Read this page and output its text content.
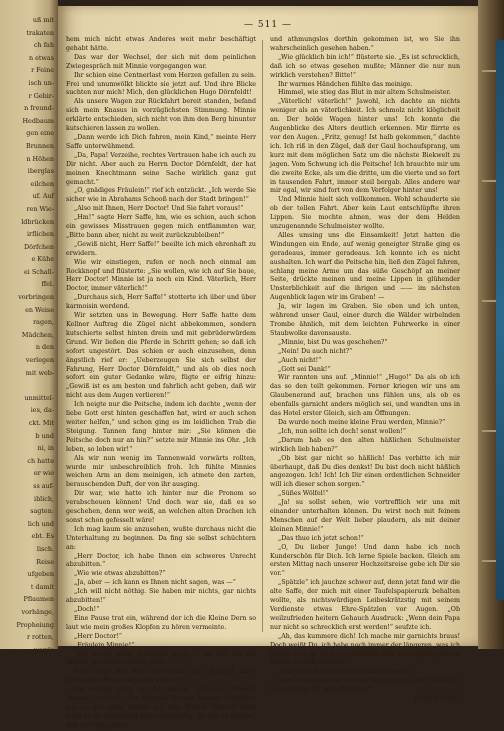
uß mit
trakaten
ch fah
n etwas
r Feine
isch un-
r Gebir-
n freund-
Hedbaum
gen eine
Brunnen
n Höhen
iberglas
eilchen
uf. Auf
ren Wie-
ldbrücken
irflichen
Dörfchen
e Kühe
ei Schall-
ffel.
vorbringen
en Weise
ragen,
Mädchen,
n den
verlegen
mit web-
unmittel-
ies, da-
ckt. Mit
b und
ni, in
ch hatte
er wie
ss auf-
iblich,
sagten:
lich und
ebt. Es
lisch.
Reise
ufgeben
t damit
Pflaumen
vorhänge,
Propheiung
r rotten,
werde
— 511 —

hem mich nicht etwas Anderes weit mehr beschäftigt gehabt hätte.

Das war der Wechsel, der sich mit dem peinlichen Zwiegespräch mit Minnie vorgegangen war.

Ihr schien eine Centnerlast vom Herzen gefallen zu sein. Frei und unumwölkt blickte sie jetzt auf. Und ihre Blicke suchten nur mich! Mich, den glücklichen Hugo Dörnfeldt!

Als unsere Wagen zur Rückfahrt bereit standen, befand sich mein Knasus in vorzüglichsten Stimmung. Minnie erklärte entschieden, sich nicht von ihm den Berg hinunter kutschieren lassen zu wollen.

„Dann werde ich Dich fahren, mein Kind,“ meinte Herr Saffe unterwühmend.

„Da, Papa! Verzeihe, rechtes Vertrauen habe ich auch zu Dir nicht. Aber auch zu Herrn Doctor Dörnfeldt, der hat meinen Knechtmann seine Sache wirklich ganz gut gemacht.“

„O, gnädiges Fräulein!“ rief ich entzückt. „Ich werde Sie sicher wie in Abrahams Schooß nach der Stadt bringen!“

„Also mit Ihnen, Herr Doctor! Und Sie fahrt voraus!“

„Hm!“ sagte Herr Saffe, hm, wie es schien, auch schon ein gewisses Misstrauen gegen mich entflammten war, „Bitte bann aber, nicht zu weit zurückzubleiben!“

„Gewiß nicht, Herr Saffe!“ beeilte ich mich ehrenhaft zu erwidern.

Wie wir einstiegen, rufen er noch noch einmal am Rockknopf und flüsterte: „Sie wollen, wie ich auf Sie baue, Herr Doctor! Minnie ist ja noch ein Kind. Väterlich, Herr Doctor, immer väterlich!“

„Durchaus sich, Herr Saffe!“ stotterte ich über und über karmoisin werdend.

Wir setzten uns in Bewegung. Herr Saffe hatte dem Kellner Auftrag die Zügel nicht abbekommen, sondern kutschierte selbst hinten drein und mit gebrüderwürdem Grund. Wir ließen die Pferde in Schritt gehen; so daß ich sofort ungestört. Das schien er auch einzusehen, denn ängstlich rief er: „Ueberzeugen Sie sich selbst der Fahrung, Herr Doctor Dörnfeldt,“ und als ob dies noch sofort ein guter Gedanke wäre, fügte er eifrig hinzu: „Gewiß ist es am besten und fahrlich acht geben, daß wir nicht aus dem Augen verlieren!“

Ich neigte nur die Peitsche, indem ich dachte „wenn der liebe Gott erst hinten geschaffen hat, wird er auch schon weiter helfen,“ und schon ging es im leidlichen Trab die Steigung. Tannen fang hinter mir: „Sie können die Peitsche doch nur an hin?“ setzte mir Minnie ins Ohr. „Ich leben, so leben wir!“

Als wir nun wenig im Tannenwald vorwärts rollten, wurde mir unbeschreiblich froh. Ich fühlte Minnies weichen Arm an dem meinigen, ich atmete den zarten, berauschenden Duft, der von ihr ausging.

Dir war, wie hatte ich hinter nur die Pronom so verabscheuen können! Und doch war sie, daß es so geschehen, denn wer weiß, an welchen alten Drachen ich sonst schon gefesselt wäre!

Ich mag kaum sie anzusehen, wußte durchaus nicht die Unterhaltung zu beginnen. Da fing sie selbst schüchtern an:

„Herr Doctor, ich habe Ihnen ein schweres Unrecht abzubitten.“

„Wie wie etwas abzubitten?“

„Ja, aber — ich kann es Ihnen nicht sagen, was —“

„Ich will nicht nöthig. Sie haben mir nichts, gar nichts abzubitten!“

„Doch!“

Eine Pause trat ein, während der ich die Kleine Dern so laut wie mein großes Klopfen zu hören vermeinte.

„Herr Doctor!“

„Fräulein Minnie!“

„Wir werde nicht, vielleicht Nacht — es war nur Ihr Mantel mit davon andern bitte —— ?“

Nun ging mir ein Licht auf! Das Räthsel ihrer plötzlichen Erklärung ward gelöst!

Ich beugte mich zu ihr nieder. „Fräulein Minnie! Minnie!“ rief ich. „Sie konnten Sie nur denken! Natürlich war es nur mein Mantel mit dem Doctor Schratt! Aber auch er ist wahrhaftig ganz unschuldig. Er war so ferkant, daß er völlig außer

und athmungslos dorthin gekommen ist, wo Sie ihn wahrscheinlich gesehen haben.“

„Wie glücklich bin ich!“ flüsterte sie. „Es ist schrecklich, daß ich so etwas gesehen mußte; Männer die nur nun wirklich verstehen? Bitte!“

Ihr warmes Händchen fühlte das meinige.

Himmel, wie stieg das Blut in mir altem Schulmeister.

„Väterlich! väterlich!“ Jawohl, ich dachte an nichts weniger als an väterlichkeit. Ich schmolz nicht klöglicheit an. Der holde Wagen hinter uns! Ich konnte die Augenblicke des Alters deutlich erkennen. Mir flirrte es vor den Augen. „Fritz, genug! Ist halb gekommen,“ dachte ich. Ich riß in den Zügel, daß der Gaul hochaufsprang, um kurz mit dem möglichen Satz um die nächste Biekwelt zu jagen. Vom Schwung ich die Peitsche! Ich brauchte mir um die zweite Ecke, als um die dritte, um die vierte und so fort in tausenden Fahrt, immer steil bergab. Alles andere war mir egal, wir sind fort von dem Verfolger hinter uns!

Und Minnie hielt sich vollkommen. Wohl schauderte sie ob der tollen Fahrt. Aber kein Laut entschlüpfte ihren Lippen. Sie mochte ahnen, was der dem Helden unzugenannde Schulmeister wollte.

Alles umsing uns die Einsamkeit! Jetzt hatten die Windungen ein Ende, auf wenig geneigter Straße ging es geradeaus, immer geradeaus. Ich konnte ich es nicht aushalten. Ich warf die Peitsche hin, ließ den Zügel fahren, schlang meine Arme um das süße Geschöpf an meiner Seite, drückte meinen und meine Lippen in glühender Unsterblichkeit auf die ihrigen und —— im nächsten Augenblick lagen wir im Graben! —

Ja, wir lagen im Graben. Sie oben und ich unten, während unser Gaul, einer durch die Wälder wirbelnden Trombe ähnlich, mit dem leichten Fuhrwerke in einer Staubwolke davonsauste.

„Minnie, bist Du was geschehen?“

„Nein! Du auch nicht?“

„Auch nicht!“

„Gott sei Dank!“

Wir rannten uns auf. „Minnie!“ „Hugo!“ Da als ob ich das so den teilt gekommen. Ferner kriegen wir uns am Glaubenerand auf, brachen uns fühlen uns, als ob es ebenfalls garnicht anders möglich sei, und wandten uns in das Hotel erster Gleich, sich am Öffnungen.

Da wurde noch meine kleine Frau werden, Minnie?“

„Ich, nun sollte ich doch! sonst wollen!“

„Darum hab es den alten häßlichen Schulmeister wirklich lieb haben?“

„Ob bist gar nicht so häßlich! Das verbitte ich mir überhaupt, daß Du dies denkst! Du bist doch nicht häßlich angezogen. Ich! Ich! Ich Dir einen ordentlichen Schneider will ich dieser schon sorgen.“

„Süßes Wölfel!“

„Ja! su sollst sehen, wie vortrefflich wir uns mit einander unterhalten können. Du wirst noch mit feinem Menschen auf der Welt lieber plaudern, als mit deiner kleinen Minnie!“

„Das thue ich jetzt schon!“

„O, Du lieber Junge! Und dann habe ich noch Kunderschön für Dich. Ich lerne Spiele backen. Gleich am ersten Mittag nach unserer Hochzeitsreise gebe ich Dir sie vor.“

„Spätzle“ ich jauchze schwer auf, denn jetzt fand wir die alte Saffe, der mich mit einer Taufelspapieruzk behalten wollte, als nichtswürdigen Leibeskrätzstig mit seinem Verdienste etwas Ehre-Spätzlen vor Augen. „Ob weilzufrieden heitern Gehauch Ausdruck: „Wenn dein Papa nur nicht so schrecklich erst werden!“ seufzte ich.

„Ah, das kummere dich! Ich mache mir garnichts braus! Doch weißt Du, ich habe noch immer der längeren, was ich wollte. Und so wird er schließlich hier auch geben; darauf kannst Du Gift nehmen!“

„Das will ich auch lieber bleiben lassen!“

„Am Himmelbrettes ist das Akquit ich so nur! Aber ein Ganz kannst Du darauf bauen!“

(Schluß folgt.)
